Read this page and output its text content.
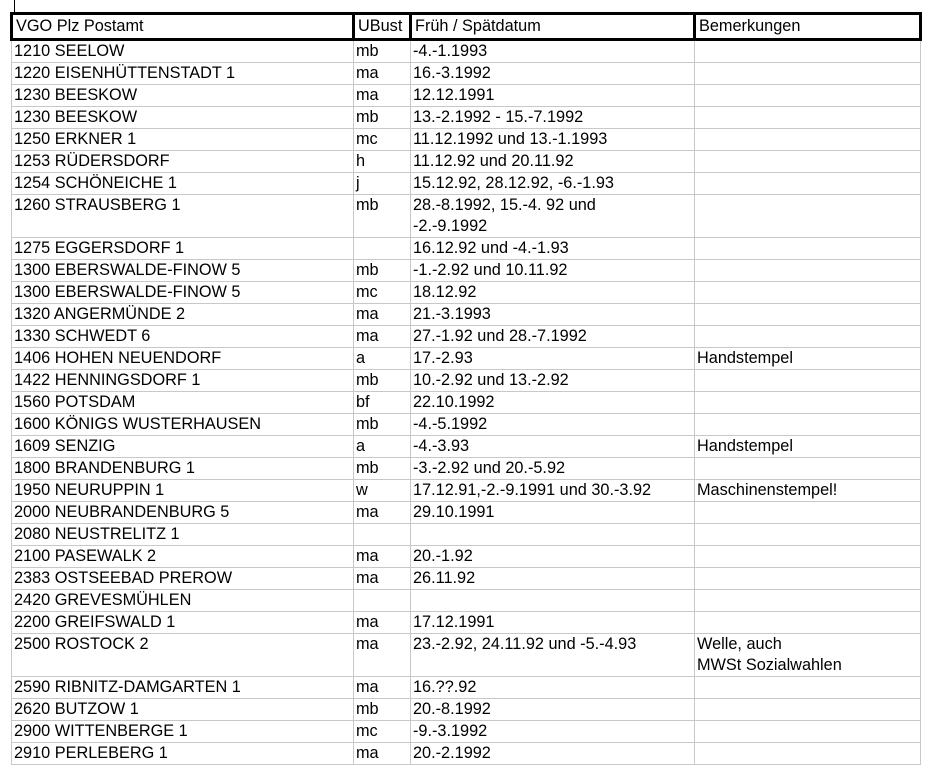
VGO Plz Postamt	UBust	Früh / Spätdatum	Bemerkungen
1210 SEELOW	mb	-4.-1.1993	
1220 EISENHÜTTENSTADT 1	ma	16.-3.1992	
1230 BEESKOW	ma	12.12.1991	
1230 BEESKOW	mb	13.-2.1992 - 15.-7.1992	
1250 ERKNER 1	mc	11.12.1992 und 13.-1.1993	
1253 RÜDERSDORF	h	11.12.92 und 20.11.92	
1254 SCHÖNEICHE 1	j	15.12.92, 28.12.92, -6.-1.93	
1260 STRAUSBERG 1	mb	28.-8.1992, 15.-4. 92 und
-2.-9.1992	
1275 EGGERSDORF 1		16.12.92 und -4.-1.93	
1300 EBERSWALDE-FINOW 5	mb	-1.-2.92 und 10.11.92	
1300 EBERSWALDE-FINOW 5	mc	18.12.92	
1320 ANGERMÜNDE 2	ma	21.-3.1993	
1330 SCHWEDT 6	ma	27.-1.92 und 28.-7.1992	
1406 HOHEN NEUENDORF	a	17.-2.93	Handstempel
1422 HENNINGSDORF 1	mb	10.-2.92 und 13.-2.92	
1560 POTSDAM	bf	22.10.1992	
1600 KÖNIGS WUSTERHAUSEN	mb	-4.-5.1992	
1609 SENZIG	a	-4.-3.93	Handstempel
1800 BRANDENBURG 1	mb	-3.-2.92 und 20.-5.92	
1950 NEURUPPIN 1	w	17.12.91,-2.-9.1991 und 30.-3.92	Maschinenstempel!
2000 NEUBRANDENBURG 5	ma	29.10.1991	
2080 NEUSTRELITZ 1			
2100 PASEWALK 2	ma	20.-1.92	
2383 OSTSEEBAD PREROW	ma	26.11.92	
2420 GREVESMÜHLEN			
2200 GREIFSWALD 1	ma	17.12.1991	
2500 ROSTOCK 2	ma	23.-2.92, 24.11.92 und -5.-4.93	Welle, auch
MWSt Sozialwahlen
2590 RIBNITZ-DAMGARTEN 1	ma	16.??.92	
2620 BUTZOW 1	mb	20.-8.1992	
2900 WITTENBERGE 1	mc	-9.-3.1992	
2910 PERLEBERG 1	ma	20.-2.1992	
